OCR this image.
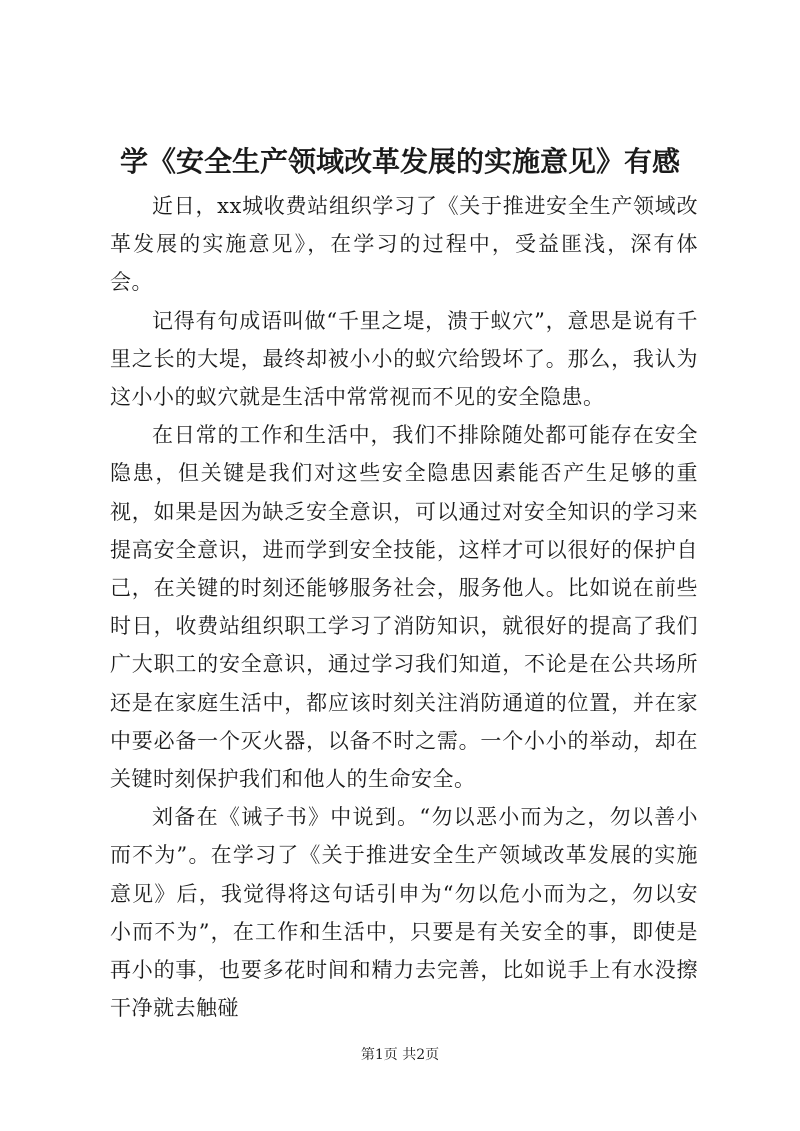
学《安全生产领域改革发展的实施意见》有感

近日，xx城收费站组织学习了《关于推进安全生产领域改革发展的实施意见》，在学习的过程中，受益匪浅，深有体会。

记得有句成语叫做“千里之堤，溃于蚁穴”，意思是说有千里之长的大堤，最终却被小小的蚁穴给毁坏了。那么，我认为这小小的蚁穴就是生活中常常视而不见的安全隐患。

在日常的工作和生活中，我们不排除随处都可能存在安全隐患，但关键是我们对这些安全隐患因素能否产生足够的重视，如果是因为缺乏安全意识，可以通过对安全知识的学习来提高安全意识，进而学到安全技能，这样才可以很好的保护自己，在关键的时刻还能够服务社会，服务他人。比如说在前些时日，收费站组织职工学习了消防知识，就很好的提高了我们广大职工的安全意识，通过学习我们知道，不论是在公共场所还是在家庭生活中，都应该时刻关注消防通道的位置，并在家中要必备一个灭火器，以备不时之需。一个小小的举动，却在关键时刻保护我们和他人的生命安全。

刘备在《诫子书》中说到。“勿以恶小而为之，勿以善小而不为”。在学习了《关于推进安全生产领域改革发展的实施意见》后，我觉得将这句话引申为“勿以危小而为之，勿以安小而不为”，在工作和生活中，只要是有关安全的事，即使是再小的事，也要多花时间和精力去完善，比如说手上有水没擦干净就去触碰

第1页 共2页
